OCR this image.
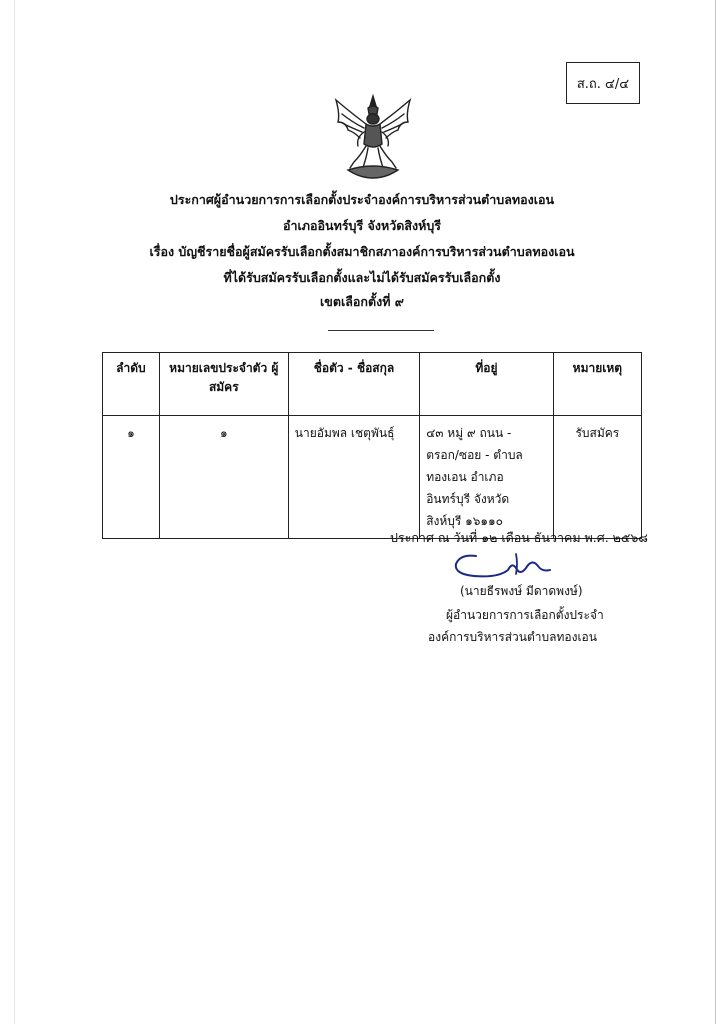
ส.ถ. ๔/๔
ประกาศผู้อำนวยการการเลือกตั้งประจำองค์การบริหารส่วนตำบลทองเอน
อำเภออินทร์บุรี จังหวัดสิงห์บุรี
เรื่อง บัญชีรายชื่อผู้สมัครรับเลือกตั้งสมาชิกสภาองค์การบริหารส่วนตำบลทองเอน
ที่ได้รับสมัครรับเลือกตั้งและไม่ได้รับสมัครรับเลือกตั้ง
เขตเลือกตั้งที่ ๙
ลำดับ	หมายเลขประจำตัว ผู้สมัคร	ชื่อตัว - ชื่อสกุล	ที่อยู่	หมายเหตุ
๑	๑	นายอัมพล เชตุพันธุ์	๔๓ หมู่ ๙ ถนน - ตรอก/ซอย - ตำบล ทองเอน อำเภอ อินทร์บุรี จังหวัด สิงห์บุรี ๑๖๑๑๐	รับสมัคร
ประกาศ ณ วันที่ ๑๒ เดือน ธันวาคม พ.ศ. ๒๕๖๘
(นายธีรพงษ์ มีดาดพงษ์)
ผู้อำนวยการการเลือกตั้งประจำ
องค์การบริหารส่วนตำบลทองเอน
